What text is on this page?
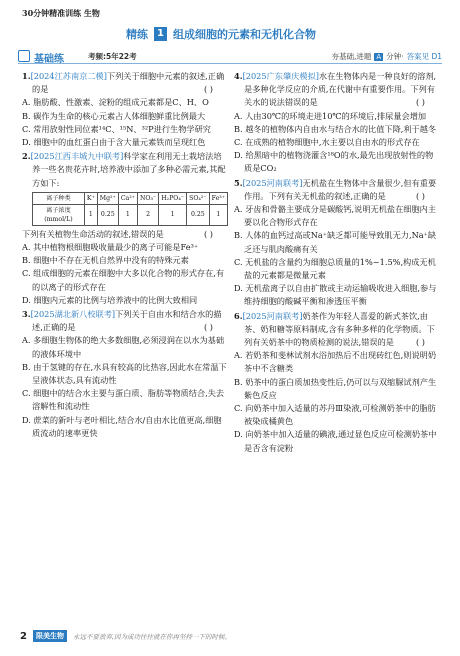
30分钟精准训练 生物
精练 1 组成细胞的元素和无机化合物
基础练	考频:5年22考	夯基础,进题 A 分钟· 答案见 D1
1.[2024江苏南京二模]下列关于细胞中元素的叙述,正确的是	( )
A. 脂肪酸、性激素、淀粉的组成元素都是C、H、O
B. 碳作为生命的核心元素占人体细胞鲜重比例最大
C. 常用放射性同位素¹⁴C、¹⁵N、³²P进行生物学研究
D. 细胞中的血红蛋白由于含大量元素铁而呈现红色
2.[2025江西丰城九中联考]科学家在利用无土栽培法培养一些名贵花卉时,培养液中添加了多种必需元素,其配方如下:
离子种类	K⁺	Mg²⁺	Ca²⁺	NO₃⁻	H₂PO₄⁻	SO₄²⁻	Fe³⁺
离子浓度(mmol/L)	1	0.25	1	2	1	0.25	1
下列有关植物生命活动的叙述,错误的是	( )
A. 其中植物根细胞吸收量最少的离子可能是Fe³⁺
B. 细胞中不存在无机自然界中没有的特殊元素
C. 组成细胞的元素在细胞中大多以化合物的形式存在,有的以离子的形式存在
D. 细胞内元素的比例与培养液中的比例大致相同
3.[2025湖北新八校联考]下列关于自由水和结合水的描述,正确的是	( )
A. 多细胞生物体的绝大多数细胞,必须浸润在以水为基础的液体环境中
B. 由于氢键的存在,水具有较高的比热容,因此水在常温下呈液体状态,具有流动性
C. 细胞中的结合水主要与蛋白质、脂肪等物质结合,失去溶解性和流动性
D. 蔗菜的新叶与老叶相比,结合水/自由水比值更高,细胞质流动的速率更快
4.[2025广东肇庆模拟]水在生物体内是一种良好的溶剂,是多种化学反应的介质,在代谢中有重要作用。下列有关水的说法错误的是	( )
A. 人由30℃的环境走进10℃的环境后,排尿量会增加
B. 越冬的植物体内自由水与结合水的比值下降,利于越冬
C. 在成熟的植物细胞中,水主要以自由水的形式存在
D. 给黑暗中的植物浇灌含¹⁸O的水,最先出现放射性的物质是CO₂
5.[2025河南联考]无机盐在生物体中含量很少,但有重要作用。下列有关无机盐的叙述,正确的是	( )
A. 牙齿和骨骼主要成分是碳酸钙,说明无机盐在细胞内主要以化合物形式存在
B. 人体的血钙过高或Na⁺缺乏都可能导致肌无力,Na⁺缺乏还与肌肉酸痛有关
C. 无机盐的含量约为细胞总质量的1%~1.5%,构成无机盐的元素都是微量元素
D. 无机盐离子以自由扩散或主动运输吸收进入细胞,参与维持细胞的酸碱平衡和渗透压平衡
6.[2025河南联考]奶茶作为年轻人喜爱的新式茶饮,由茶、奶和糖等原料制成,含有多种多样的化学物质。下列有关奶茶中的物质检测的说法,错误的是	( )
A. 若奶茶和斐林试剂水浴加热后不出现砖红色,则说明奶茶中不含糖类
B. 奶茶中的蛋白质加热变性后,仍可以与双缩脲试剂产生紫色反应
C. 向奶茶中加入适量的苏丹Ⅲ染液,可检测奶茶中的脂肪被染成橘黄色
D. 向奶茶中加入适量的碘液,通过显色反应可检测奶茶中是否含有淀粉
2	限美生物	永远不要放弃,因为成功往往就在你再坚持一下的时候。
